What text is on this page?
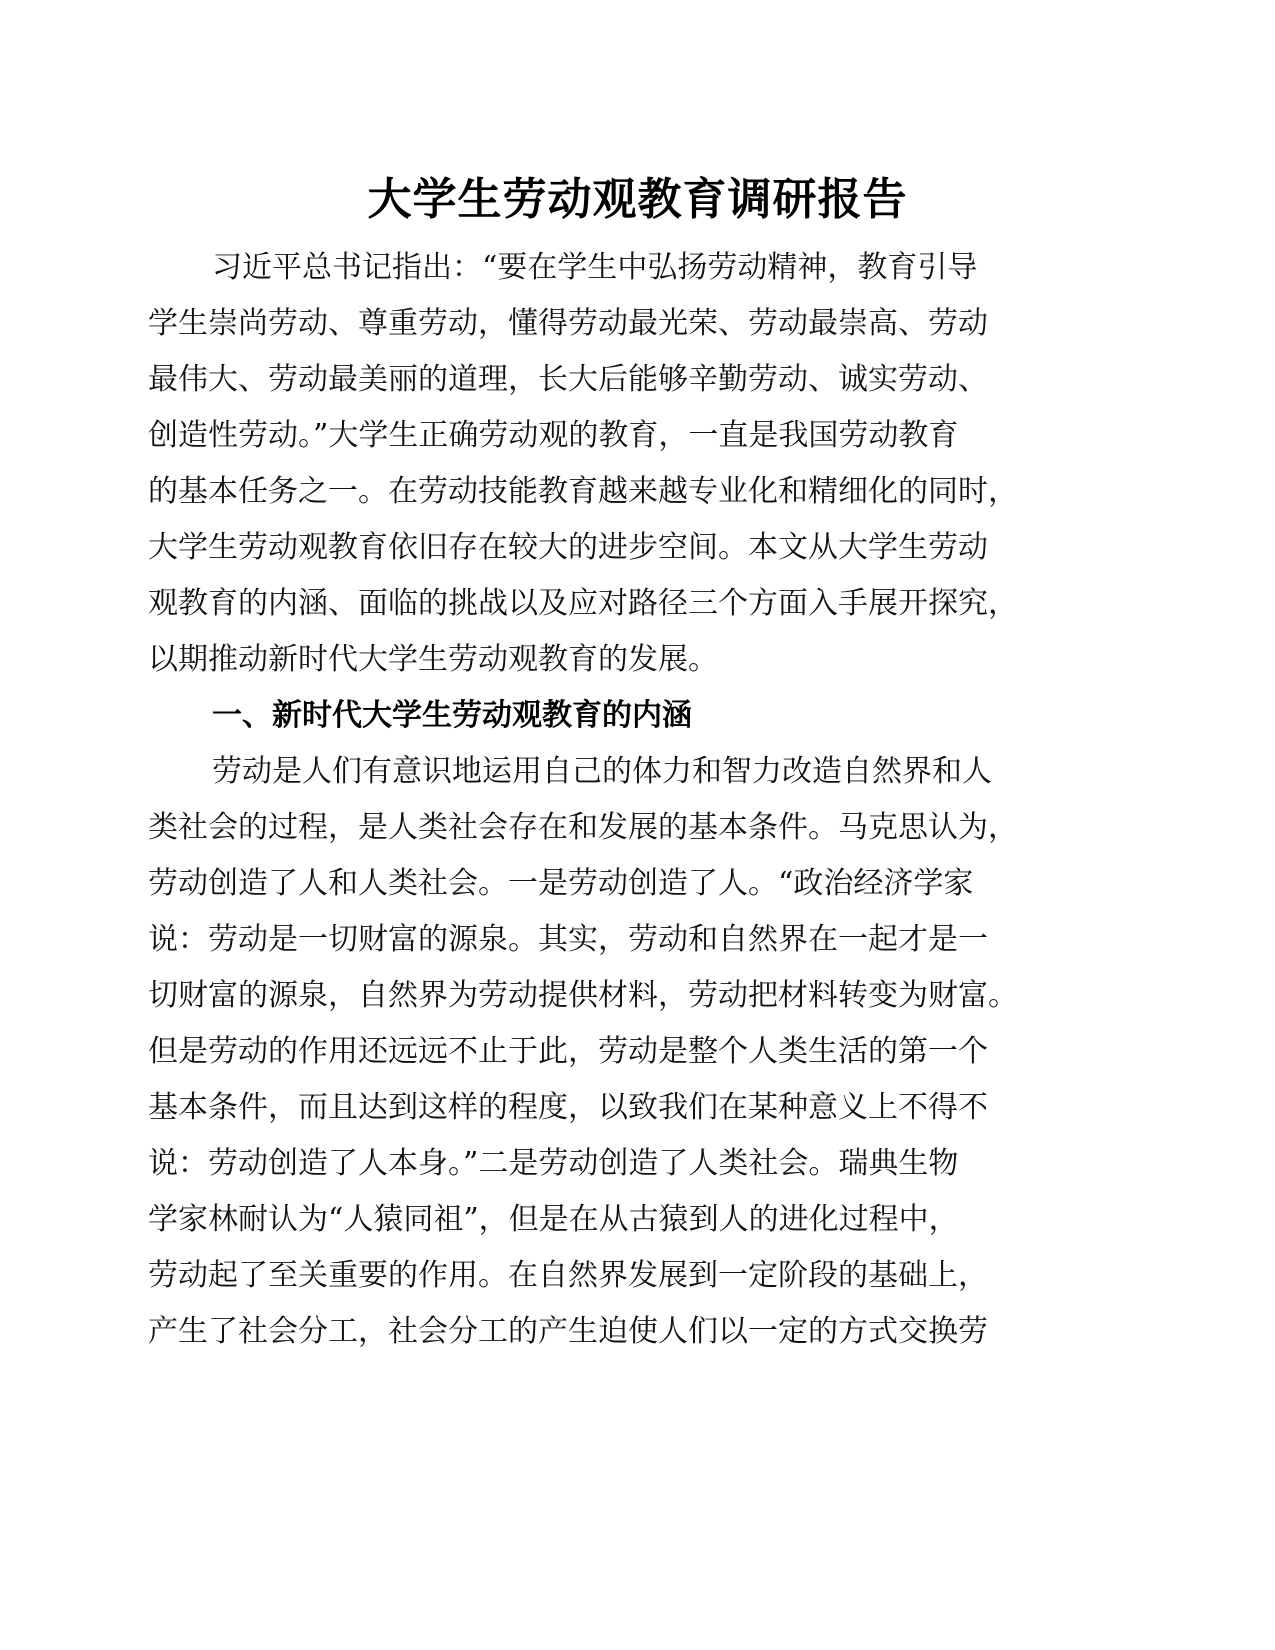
大学生劳动观教育调研报告
习近平总书记指出：“要在学生中弘扬劳动精神，教育引导
学生崇尚劳动、尊重劳动，懂得劳动最光荣、劳动最崇高、劳动
最伟大、劳动最美丽的道理，长大后能够辛勤劳动、诚实劳动、
创造性劳动。”大学生正确劳动观的教育，一直是我国劳动教育
的基本任务之一。在劳动技能教育越来越专业化和精细化的同时，
大学生劳动观教育依旧存在较大的进步空间。本文从大学生劳动
观教育的内涵、面临的挑战以及应对路径三个方面入手展开探究，
以期推动新时代大学生劳动观教育的发展。
一、新时代大学生劳动观教育的内涵
劳动是人们有意识地运用自己的体力和智力改造自然界和人
类社会的过程，是人类社会存在和发展的基本条件。马克思认为，
劳动创造了人和人类社会。一是劳动创造了人。“政治经济学家
说：劳动是一切财富的源泉。其实，劳动和自然界在一起才是一
切财富的源泉，自然界为劳动提供材料，劳动把材料转变为财富。
但是劳动的作用还远远不止于此，劳动是整个人类生活的第一个
基本条件，而且达到这样的程度，以致我们在某种意义上不得不
说：劳动创造了人本身。”二是劳动创造了人类社会。瑞典生物
学家林耐认为“人猿同祖”，但是在从古猿到人的进化过程中，
劳动起了至关重要的作用。在自然界发展到一定阶段的基础上，
产生了社会分工，社会分工的产生迫使人们以一定的方式交换劳
